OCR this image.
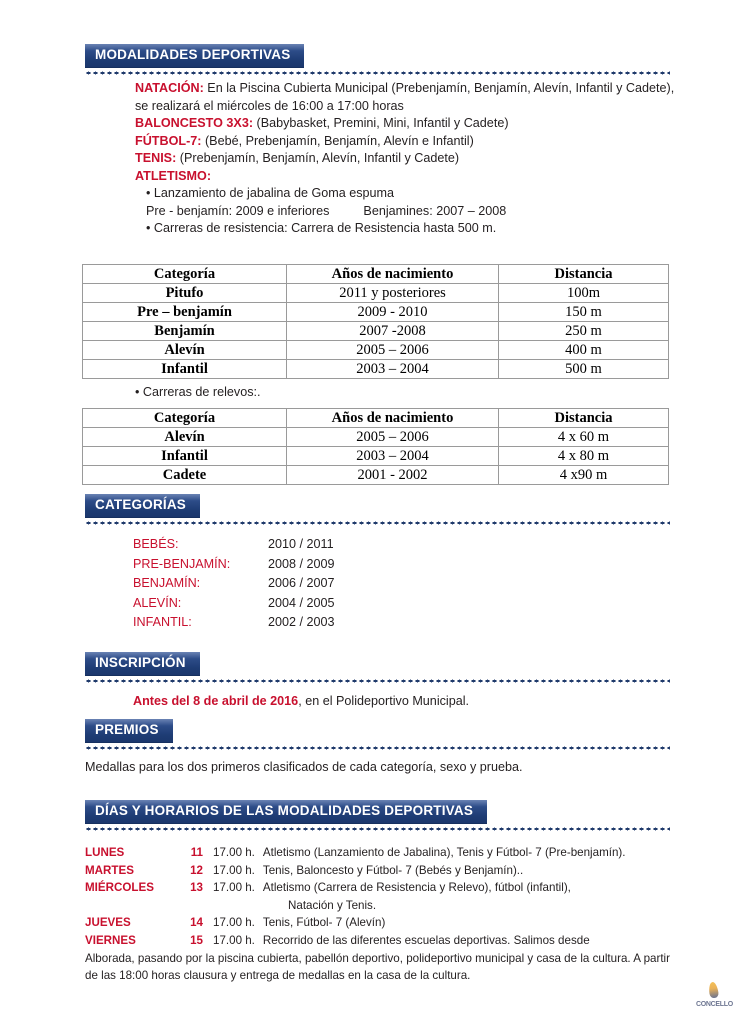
MODALIDADES DEPORTIVAS
NATACIÓN: En la Piscina Cubierta Municipal (Prebenjamín, Benjamín, Alevín, Infantil y Cadete), se realizará el miércoles de 16:00 a 17:00 horas
BALONCESTO 3X3: (Babybasket, Premini, Mini, Infantil y Cadete)
FÚTBOL-7: (Bebé, Prebenjamín, Benjamín, Alevín e Infantil)
TENIS: (Prebenjamín, Benjamín, Alevín, Infantil y Cadete)
ATLETISMO:
• Lanzamiento de jabalina de Goma espuma
Pre - benjamín: 2009 e inferiores	Benjamines: 2007 – 2008
• Carreras de resistencia: Carrera de Resistencia hasta 500 m.
Categoría	Años de nacimiento	Distancia
Pitufo	2011 y posteriores	100m
Pre – benjamín	2009 - 2010	150 m
Benjamín	2007 -2008	250 m
Alevín	2005 – 2006	400 m
Infantil	2003 – 2004	500 m
• Carreras de relevos:.
Categoría	Años de nacimiento	Distancia
Alevín	2005 – 2006	4 x 60 m
Infantil	2003 – 2004	4 x 80 m
Cadete	2001 - 2002	4 x90 m
CATEGORÍAS
BEBÉS:	2010 / 2011
PRE-BENJAMÍN:	2008 / 2009
BENJAMÍN:	2006 / 2007
ALEVÍN:	2004 / 2005
INFANTIL:	2002 / 2003
INSCRIPCIÓN
Antes del 8 de abril de 2016, en el Polideportivo Municipal.
PREMIOS
Medallas para los dos primeros clasificados de cada categoría, sexo y prueba.
DÍAS Y HORARIOS DE LAS MODALIDADES DEPORTIVAS
LUNES	11 17.00 h. Atletismo (Lanzamiento de Jabalina), Tenis y Fútbol- 7 (Pre-benjamín).
MARTES	12 17.00 h. Tenis, Baloncesto y Fútbol- 7 (Bebés y Benjamín)..
MIÉRCOLES	13 17.00 h. Atletismo (Carrera de Resistencia y Relevo), fútbol (infantil),
Natación y Tenis.
JUEVES	14 17.00 h. Tenis, Fútbol- 7 (Alevín)
VIERNES	15 17.00 h. Recorrido de las diferentes escuelas deportivas. Salimos desde
Alborada, pasando por la piscina cubierta, pabellón deportivo, polideportivo municipal y casa de la cultura. A partir de las 18:00 horas clausura y entrega de medallas en la casa de la cultura.
CONCELLO
